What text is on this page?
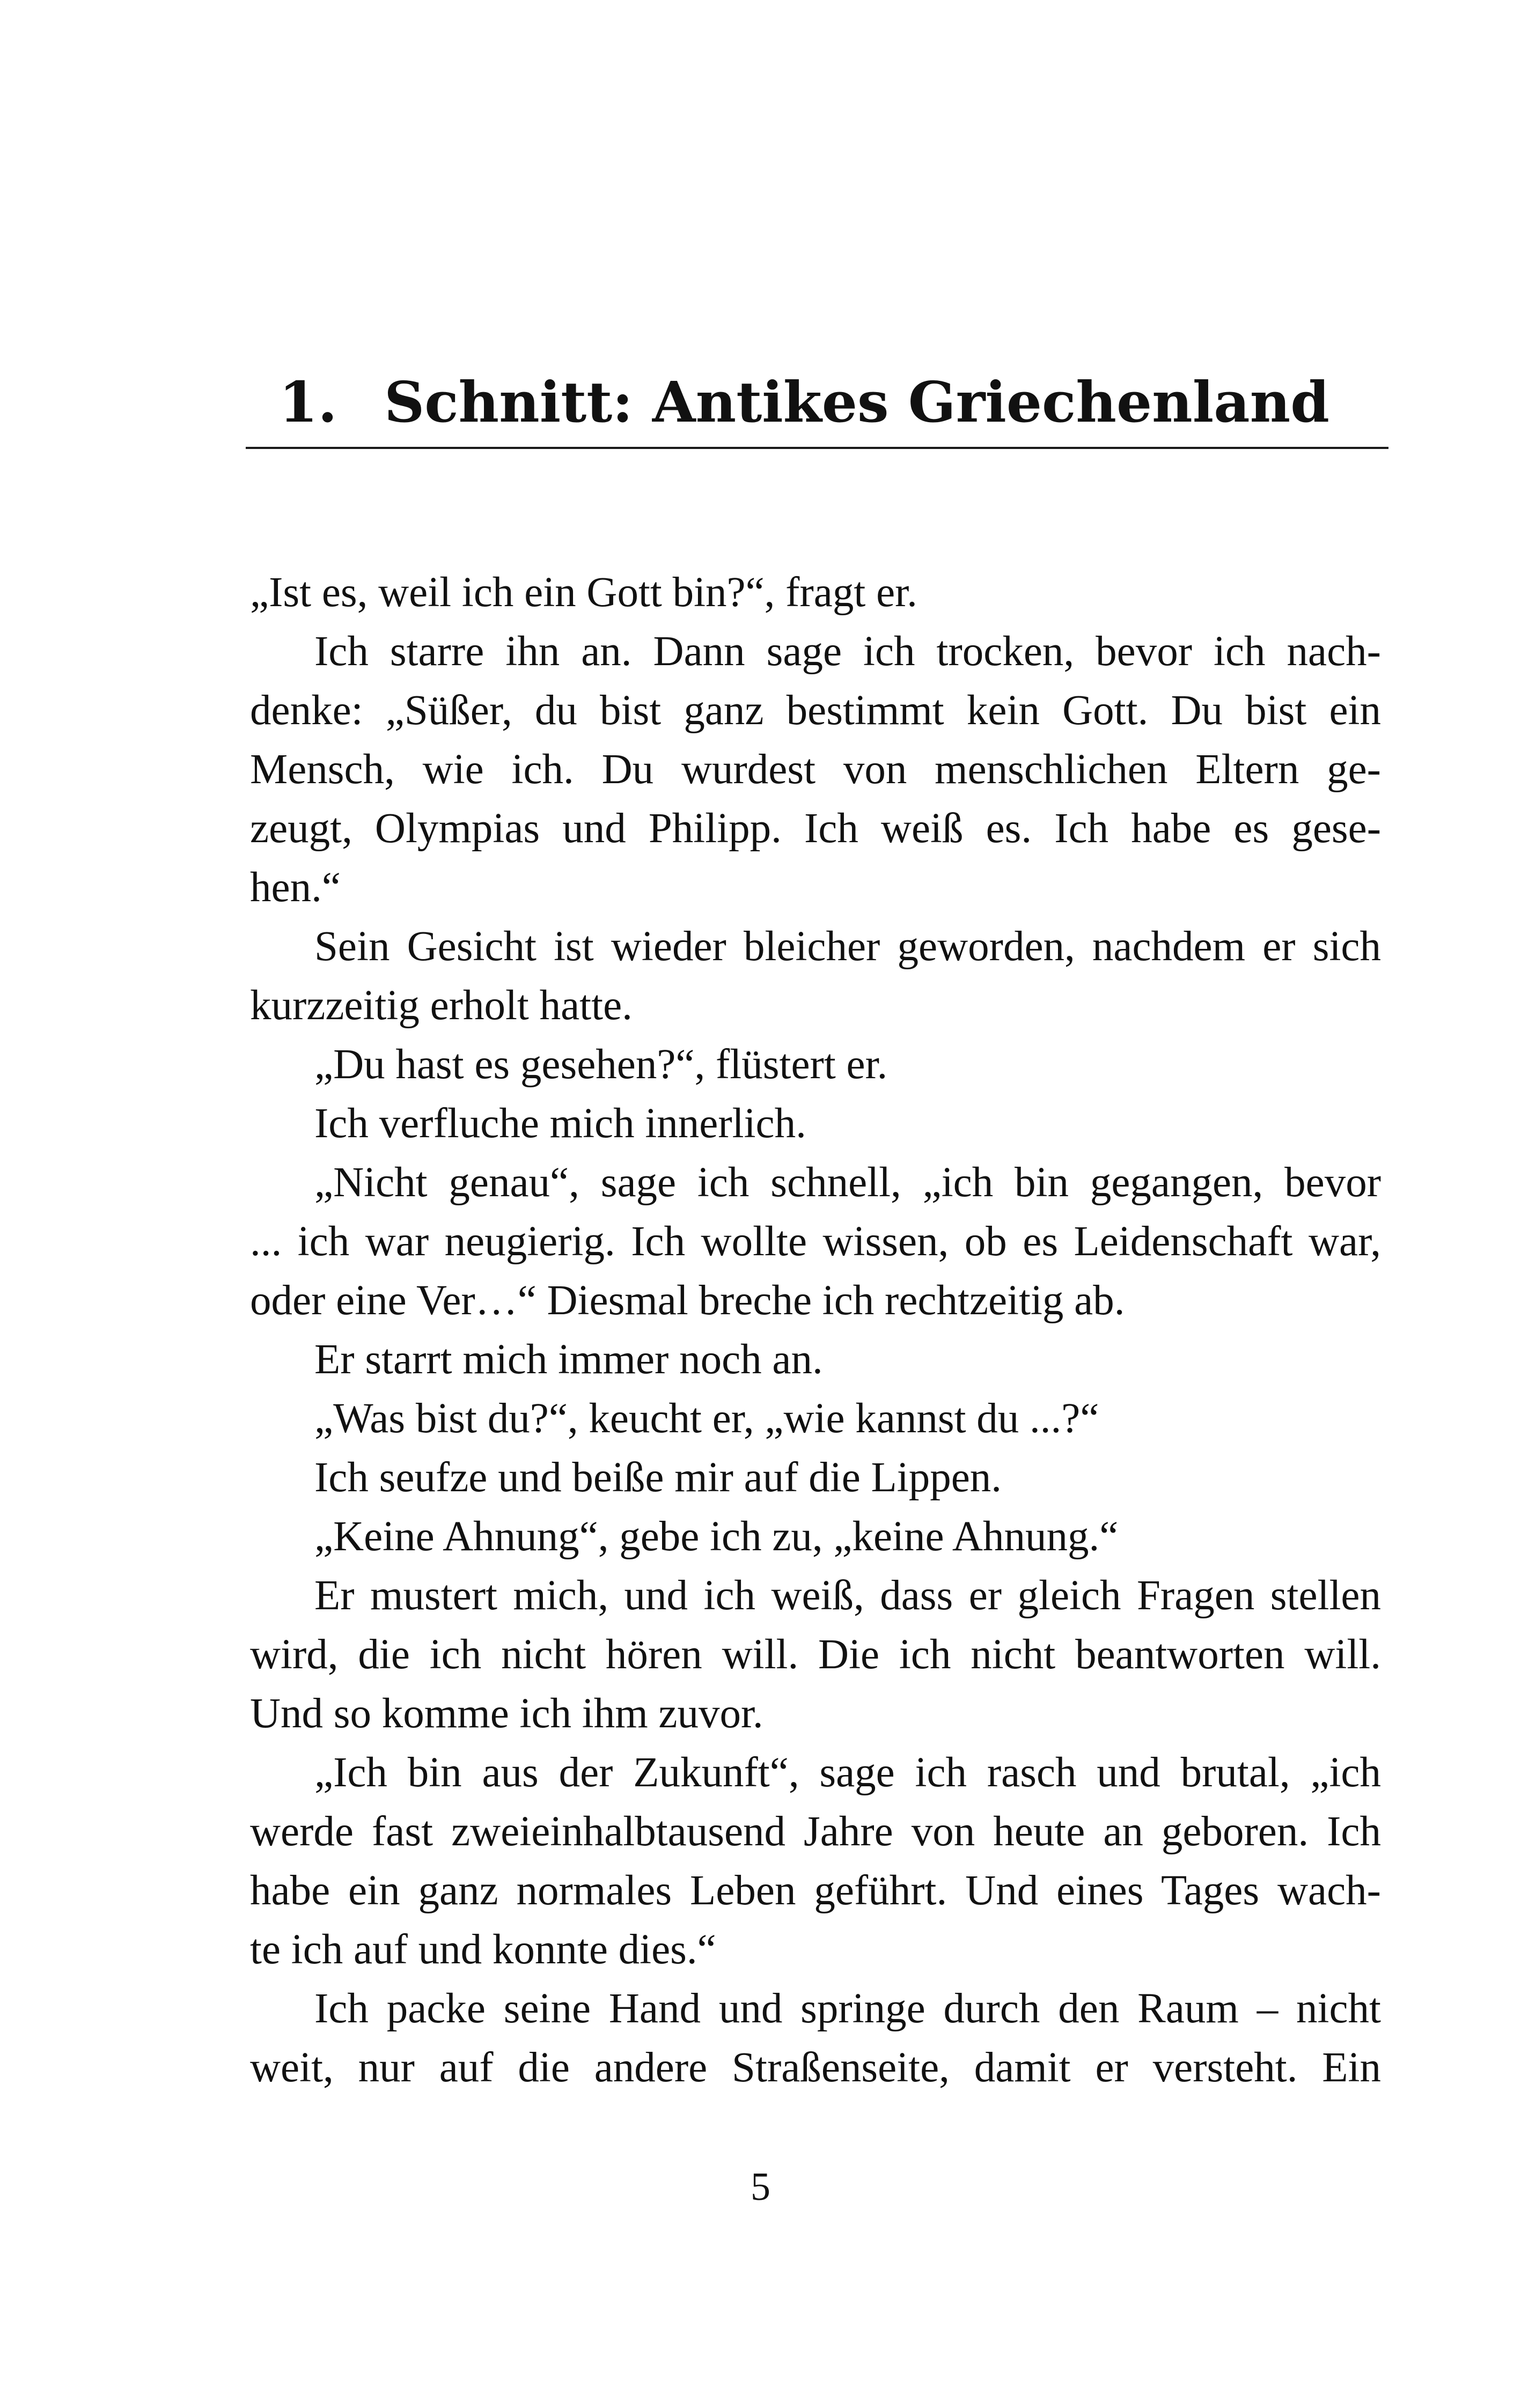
1. Schnitt: Antikes Griechenland
„Ist es, weil ich ein Gott bin?“, fragt er.
Ich starre ihn an. Dann sage ich trocken, bevor ich nach-
denke: „Süßer, du bist ganz bestimmt kein Gott. Du bist ein
Mensch, wie ich. Du wurdest von menschlichen Eltern ge-
zeugt, Olympias und Philipp. Ich weiß es. Ich habe es gese-
hen.“
Sein Gesicht ist wieder bleicher geworden, nachdem er sich
kurzzeitig erholt hatte.
„Du hast es gesehen?“, flüstert er.
Ich verfluche mich innerlich.
„Nicht genau“, sage ich schnell, „ich bin gegangen, bevor
... ich war neugierig. Ich wollte wissen, ob es Leidenschaft war,
oder eine Ver…“ Diesmal breche ich rechtzeitig ab.
Er starrt mich immer noch an.
„Was bist du?“, keucht er, „wie kannst du ...?“
Ich seufze und beiße mir auf die Lippen.
„Keine Ahnung“, gebe ich zu, „keine Ahnung.“
Er mustert mich, und ich weiß, dass er gleich Fragen stellen
wird, die ich nicht hören will. Die ich nicht beantworten will.
Und so komme ich ihm zuvor.
„Ich bin aus der Zukunft“, sage ich rasch und brutal, „ich
werde fast zweieinhalbtausend Jahre von heute an geboren. Ich
habe ein ganz normales Leben geführt. Und eines Tages wach-
te ich auf und konnte dies.“
Ich packe seine Hand und springe durch den Raum – nicht
weit, nur auf die andere Straßenseite, damit er versteht. Ein
5
